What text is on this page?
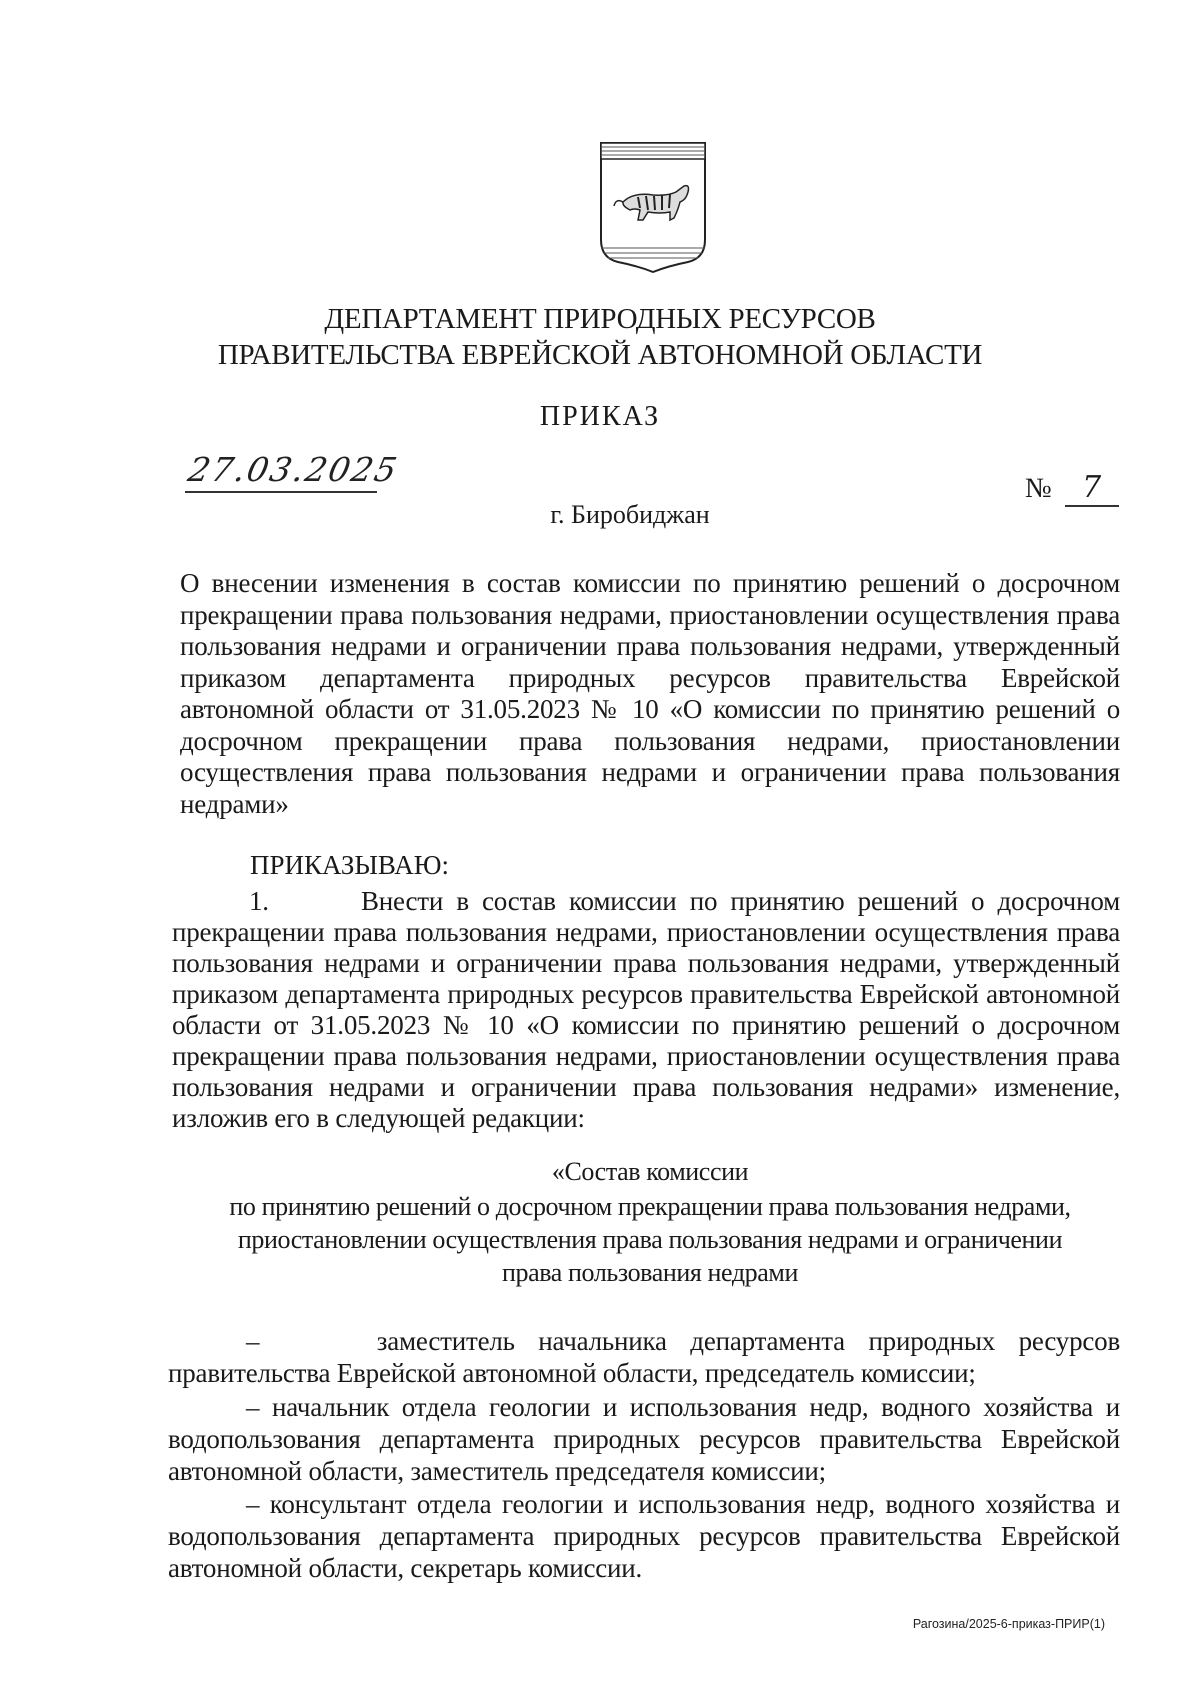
ДЕПАРТАМЕНТ ПРИРОДНЫХ РЕСУРСОВ
ПРАВИТЕЛЬСТВА ЕВРЕЙСКОЙ АВТОНОМНОЙ ОБЛАСТИ
ПРИКАЗ
27.03.2025	№ 7
г. Биробиджан
О внесении изменения в состав комиссии по принятию решений о досрочном прекращении права пользования недрами, приостановлении осуществления права пользования недрами и ограничении права пользования недрами, утвержденный приказом департамента природных ресурсов правительства Еврейской автономной области от 31.05.2023 № 10 «О комиссии по принятию решений о досрочном прекращении права пользования недрами, приостановлении осуществления права пользования недрами и ограничении права пользования недрами»
ПРИКАЗЫВАЮ:
1.       Внести в состав комиссии по принятию решений о досрочном прекращении права пользования недрами, приостановлении осуществления права пользования недрами и ограничении права пользования недрами, утвержденный приказом департамента природных ресурсов правительства Еврейской автономной области от 31.05.2023 № 10 «О комиссии по принятию решений о досрочном прекращении права пользования недрами, приостановлении осуществления права пользования недрами и ограничении права пользования недрами» изменение, изложив его в следующей редакции:
«Состав комиссии
по принятию решений о досрочном прекращении права пользования недрами,
приостановлении осуществления права пользования недрами и ограничении
права пользования недрами
–     заместитель начальника департамента природных ресурсов правительства Еврейской автономной области, председатель комиссии;
– начальник отдела геологии и использования недр, водного хозяйства и водопользования департамента природных ресурсов правительства Еврейской автономной области, заместитель председателя комиссии;
– консультант отдела геологии и использования недр, водного хозяйства и водопользования департамента природных ресурсов правительства Еврейской автономной области, секретарь комиссии.
Рагозина/2025-6-приказ-ПРИР(1)
